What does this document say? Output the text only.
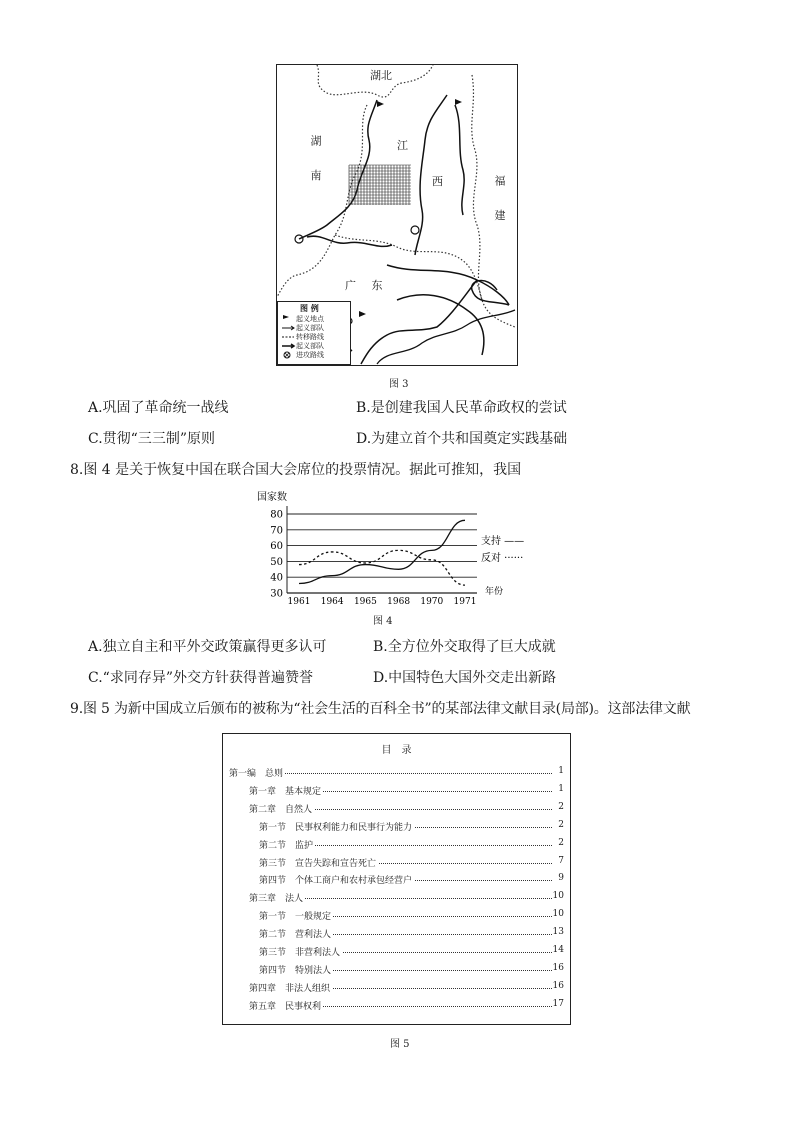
湖北
湖 南	江
西	福 建
广 东
图 例
起义地点
起义部队
转移路线
起义部队
进攻路线
图 3
A.巩固了革命统一战线	B.是创建我国人民革命政权的尝试
C.贯彻“三三制”原则	D.为建立首个共和国奠定实践基础
8.图 4 是关于恢复中国在联合国大会席位的投票情况。据此可推知，我国
30
40
50
60
70
80
1961 1964 1965 1968 1970 1971
国家数
年份
支持 ——
反对 ······
图 4
A.独立自主和平外交政策赢得更多认可	B.全方位外交取得了巨大成就
C.“求同存异”外交方针获得普遍赞誉	D.中国特色大国外交走出新路
9.图 5 为新中国成立后颁布的被称为“社会生活的百科全书”的某部法律文献目录(局部)。这部法律文献
目　录
第一编　总则	1
第一章　基本规定	1
第二章　自然人	2
第一节　民事权利能力和民事行为能力	2
第二节　监护	2
第三节　宣告失踪和宣告死亡	7
第四节　个体工商户和农村承包经营户	9
第三章　法人	10
第一节　一般规定	10
第二节　营利法人	13
第三节　非营利法人	14
第四节　特别法人	16
第四章　非法人组织	16
第五章　民事权利	17
图 5
